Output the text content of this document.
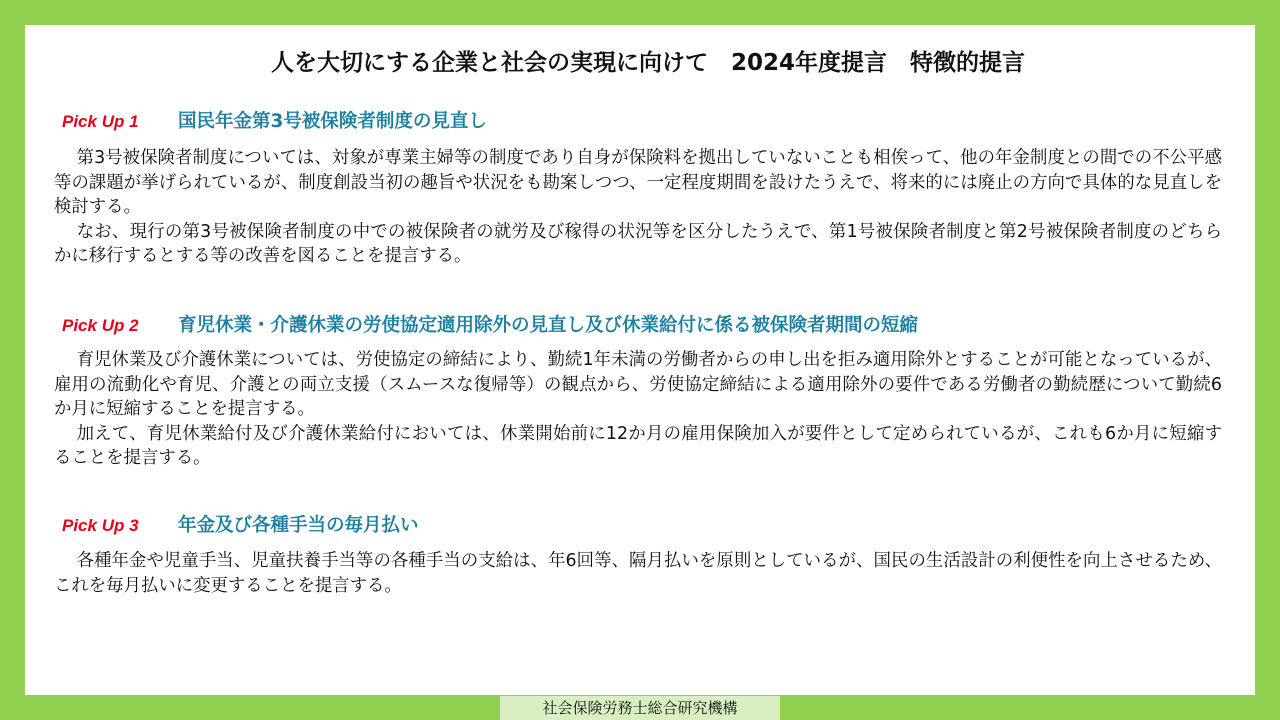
人を大切にする企業と社会の実現に向けて　2024年度提言　特徴的提言
Pick Up 1 国民年金第3号被保険者制度の見直し

第3号被保険者制度については、対象が専業主婦等の制度であり自身が保険料を拠出していないことも相俟って、他の年金制度との間での不公平感等の課題が挙げられているが、制度創設当初の趣旨や状況をも勘案しつつ、一定程度期間を設けたうえで、将来的には廃止の方向で具体的な見直しを検討する。

なお、現行の第3号被保険者制度の中での被保険者の就労及び稼得の状況等を区分したうえで、第1号被保険者制度と第2号被保険者制度のどちらかに移行するとする等の改善を図ることを提言する。

Pick Up 2 育児休業・介護休業の労使協定適用除外の見直し及び休業給付に係る被保険者期間の短縮

育児休業及び介護休業については、労使協定の締結により、勤続1年未満の労働者からの申し出を拒み適用除外とすることが可能となっているが、雇用の流動化や育児、介護との両立支援（スムースな復帰等）の観点から、労使協定締結による適用除外の要件である労働者の勤続歴について勤続6か月に短縮することを提言する。

加えて、育児休業給付及び介護休業給付においては、休業開始前に12か月の雇用保険加入が要件として定められているが、これも6か月に短縮することを提言する。

Pick Up 3 年金及び各種手当の毎月払い

各種年金や児童手当、児童扶養手当等の各種手当の支給は、年6回等、隔月払いを原則としているが、国民の生活設計の利便性を向上させるため、これを毎月払いに変更することを提言する。

社会保険労務士総合研究機構
